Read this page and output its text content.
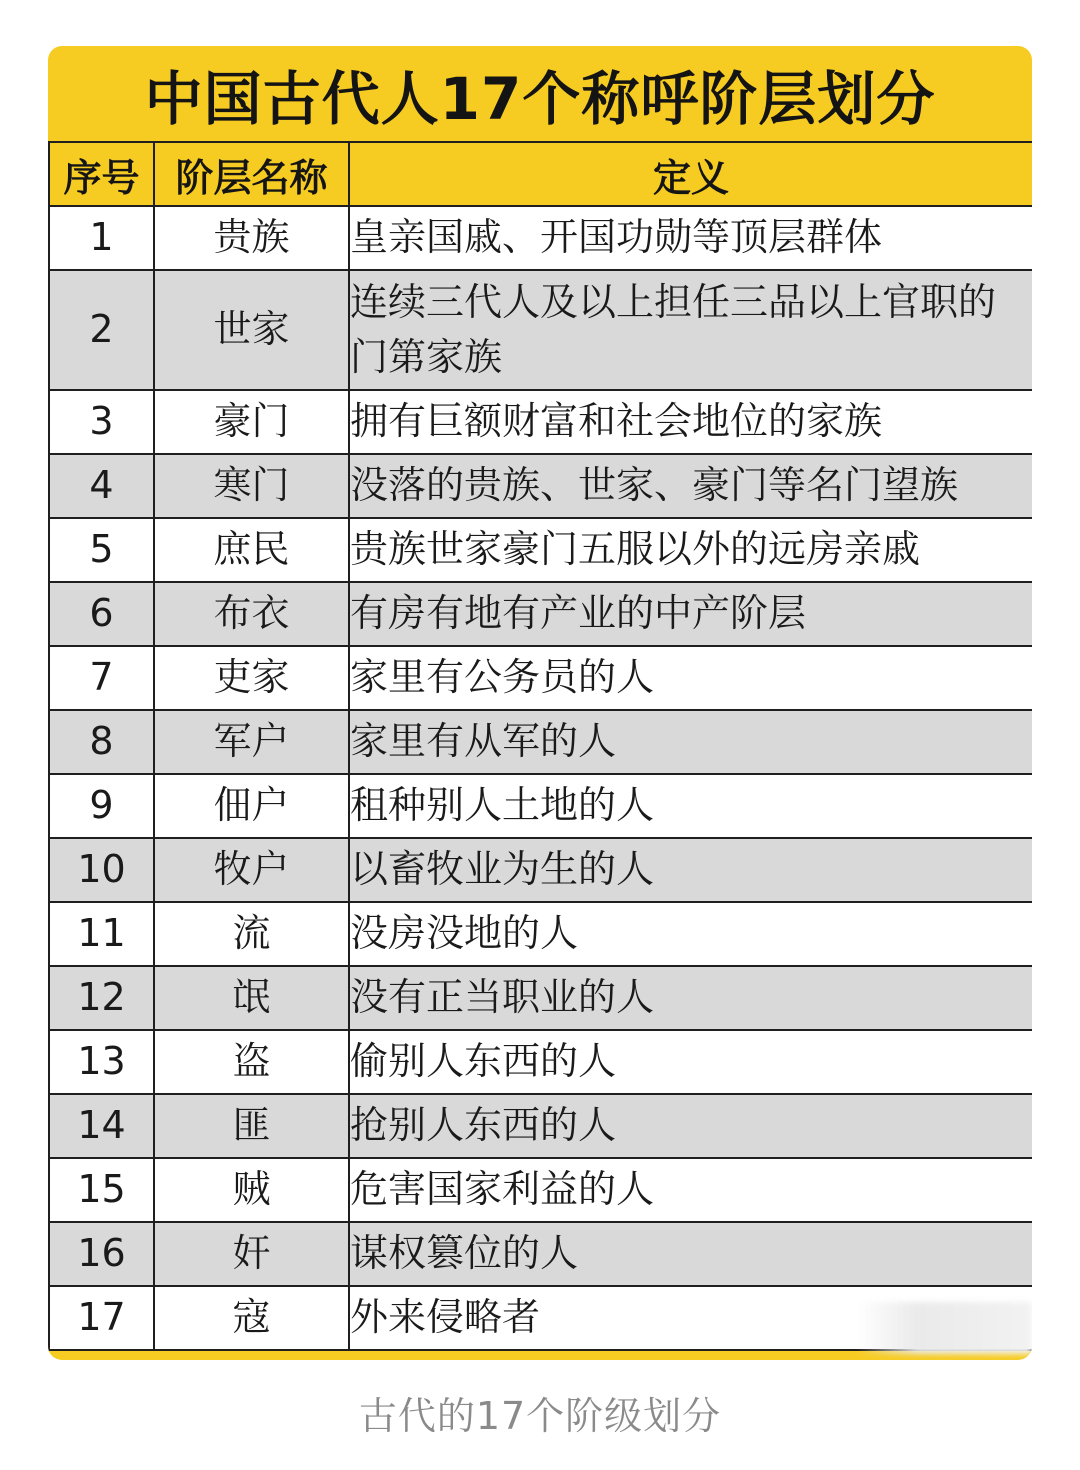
中国古代人17个称呼阶层划分
序号	阶层名称	定义
1	贵族	皇亲国戚、开国功勋等顶层群体
2	世家	连续三代人及以上担任三品以上官职的门第家族
3	豪门	拥有巨额财富和社会地位的家族
4	寒门	没落的贵族、世家、豪门等名门望族
5	庶民	贵族世家豪门五服以外的远房亲戚
6	布衣	有房有地有产业的中产阶层
7	吏家	家里有公务员的人
8	军户	家里有从军的人
9	佃户	租种别人土地的人
10	牧户	以畜牧业为生的人
11	流	没房没地的人
12	氓	没有正当职业的人
13	盗	偷别人东西的人
14	匪	抢别人东西的人
15	贼	危害国家利益的人
16	奸	谋权篡位的人
17	寇	外来侵略者
古代的17个阶级划分
